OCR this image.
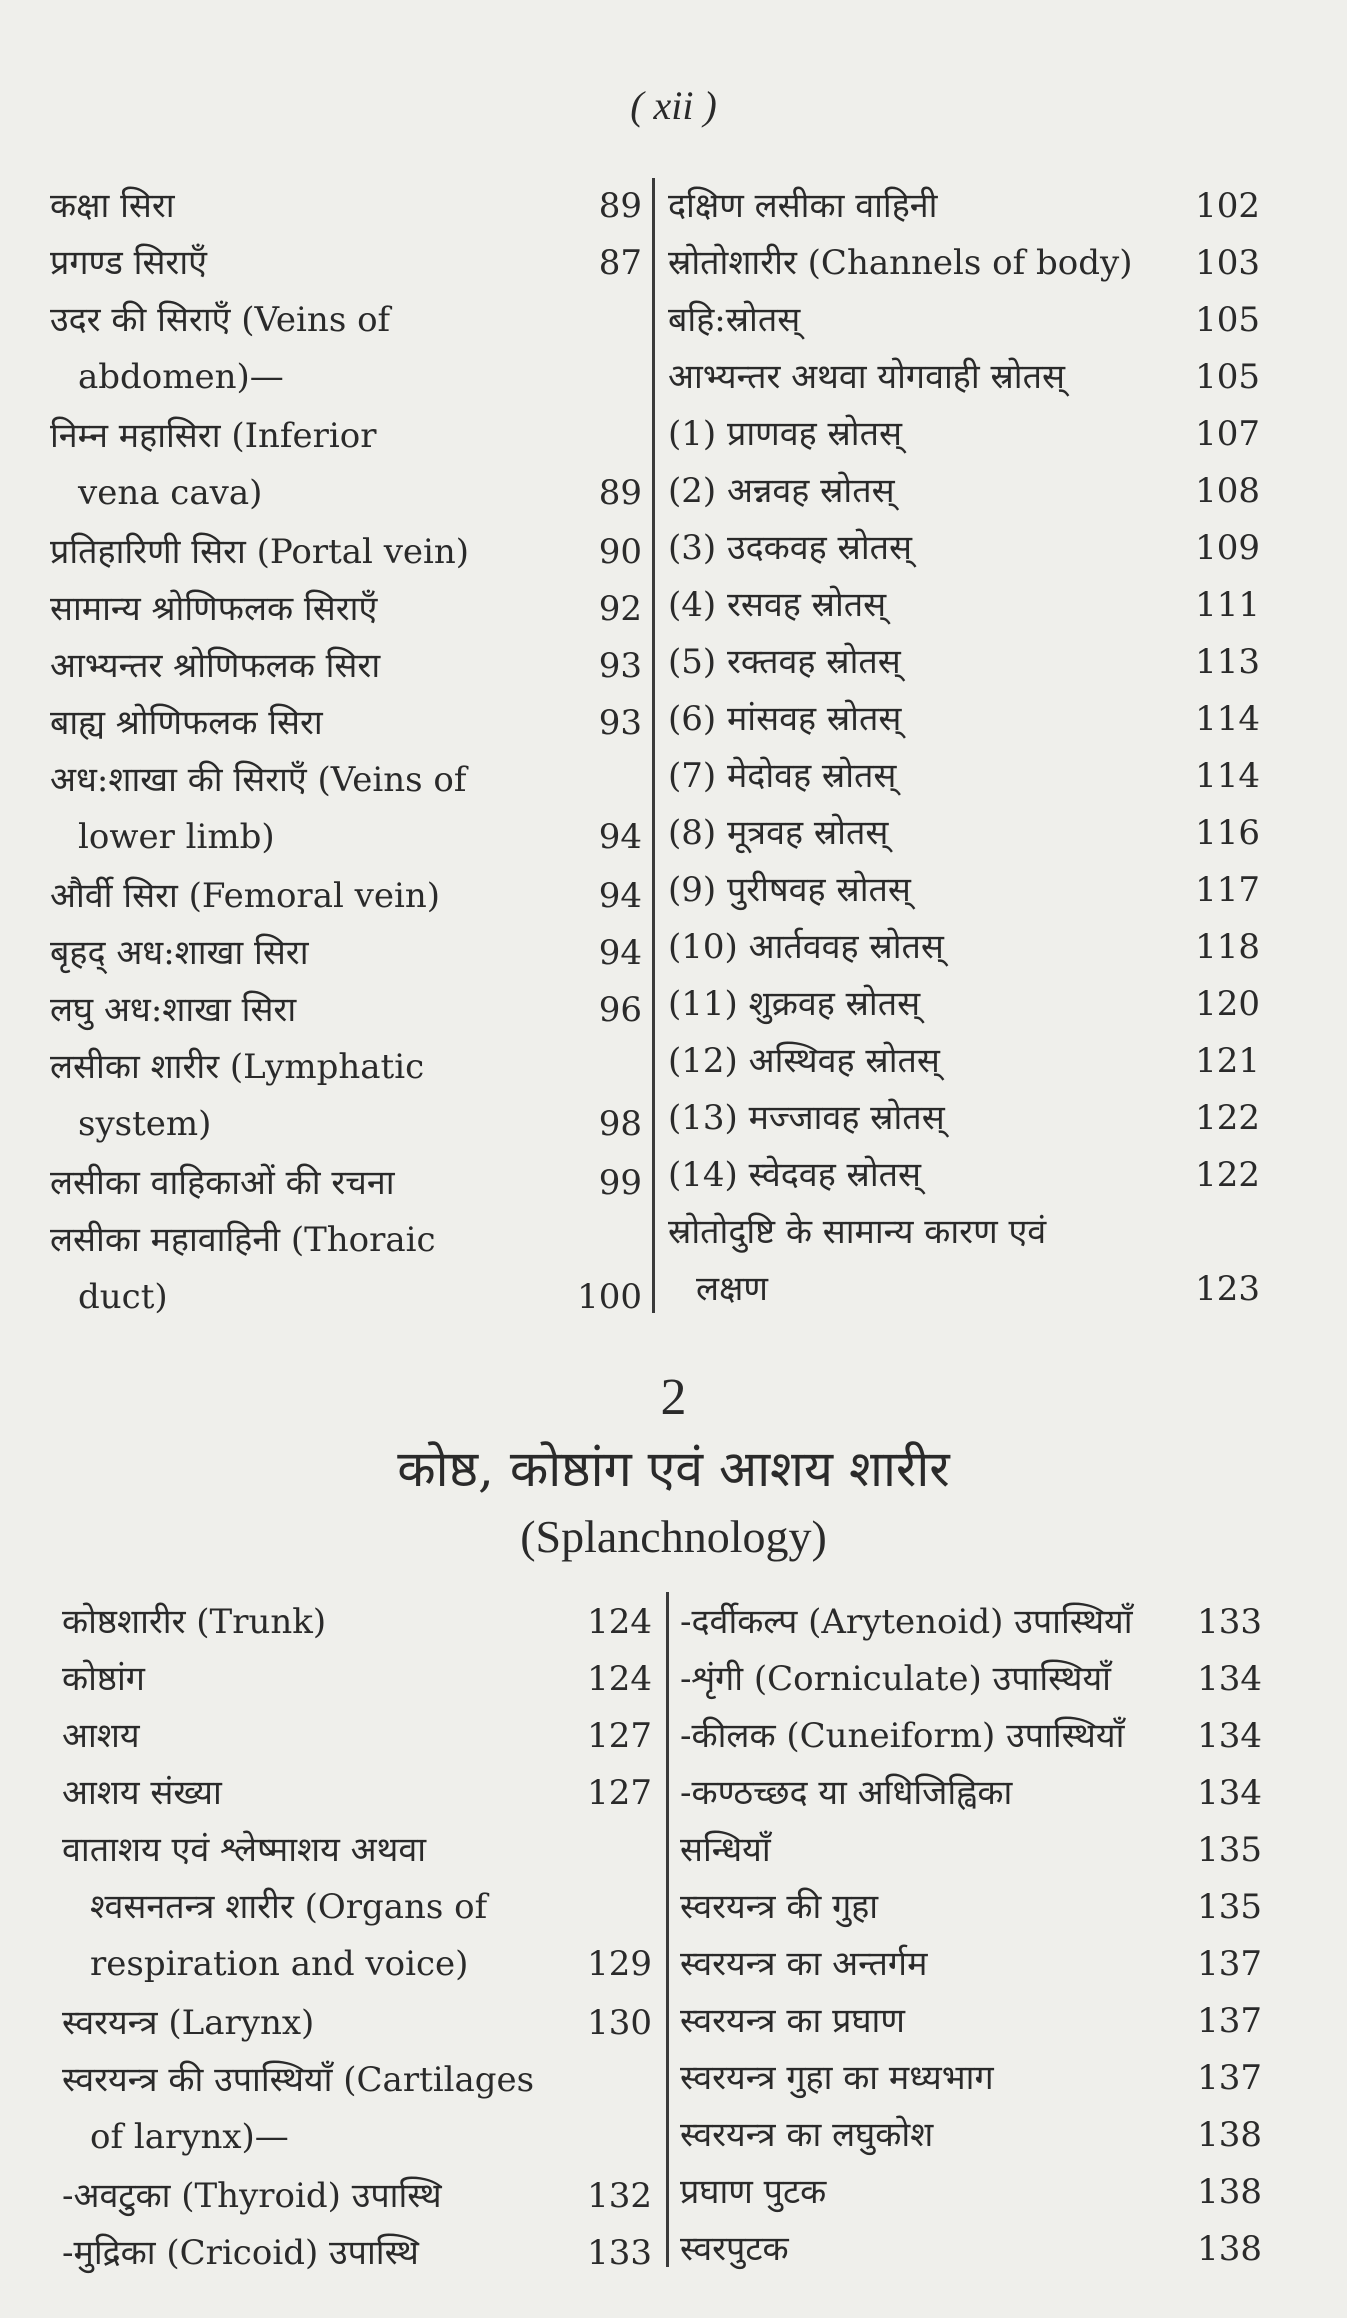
( xii )
कक्षा सिरा	89
प्रगण्ड सिराएँ	87
उदर की सिराएँ (Veins of
abdomen)—
निम्न महासिरा (Inferior
vena cava)	89
प्रतिहारिणी सिरा (Portal vein)	90
सामान्य श्रोणिफलक सिराएँ	92
आभ्यन्तर श्रोणिफलक सिरा	93
बाह्य श्रोणिफलक सिरा	93
अध:शाखा की सिराएँ (Veins of
lower limb)	94
और्वी सिरा (Femoral vein)	94
बृहद् अध:शाखा सिरा	94
लघु अध:शाखा सिरा	96
लसीका शारीर (Lymphatic
system)	98
लसीका वाहिकाओं की रचना	99
लसीका महावाहिनी (Thoraic
duct)	100
दक्षिण लसीका वाहिनी	102
स्रोतोशारीर (Channels of body) 103
बहि:स्रोतस्	105
आभ्यन्तर अथवा योगवाही स्रोतस्	105
(1) प्राणवह स्रोतस्	107
(2) अन्नवह स्रोतस्	108
(3) उदकवह स्रोतस्	109
(4) रसवह स्रोतस्	111
(5) रक्तवह स्रोतस्	113
(6) मांसवह स्रोतस्	114
(7) मेदोवह स्रोतस्	114
(8) मूत्रवह स्रोतस्	116
(9) पुरीषवह स्रोतस्	117
(10) आर्तववह स्रोतस्	118
(11) शुक्रवह स्रोतस्	120
(12) अस्थिवह स्रोतस्	121
(13) मज्जावह स्रोतस्	122
(14) स्वेदवह स्रोतस्	122
स्रोतोदुष्टि के सामान्य कारण एवं
लक्षण	123
2
कोष्ठ, कोष्ठांग एवं आशय शारीर
(Splanchnology)
कोष्ठशारीर (Trunk)	124
कोष्ठांग	124
आशय	127
आशय संख्या	127
वाताशय एवं श्लेष्माशय अथवा
श्वसनतन्त्र शारीर (Organs of
respiration and voice)	129
स्वरयन्त्र (Larynx)	130
स्वरयन्त्र की उपास्थियाँ (Cartilages
of larynx)—
-अवटुका (Thyroid) उपास्थि	132
-मुद्रिका (Cricoid) उपास्थि	133
-दर्वीकल्प (Arytenoid) उपास्थियाँ 133
-शृंगी (Corniculate) उपास्थियाँ	134
-कीलक (Cuneiform) उपास्थियाँ 134
-कण्ठच्छद या अधिजिह्विका	134
सन्धियाँ	135
स्वरयन्त्र की गुहा	135
स्वरयन्त्र का अन्तर्गम	137
स्वरयन्त्र का प्रघाण	137
स्वरयन्त्र गुहा का मध्यभाग	137
स्वरयन्त्र का लघुकोश	138
प्रघाण पुटक	138
स्वरपुटक	138
